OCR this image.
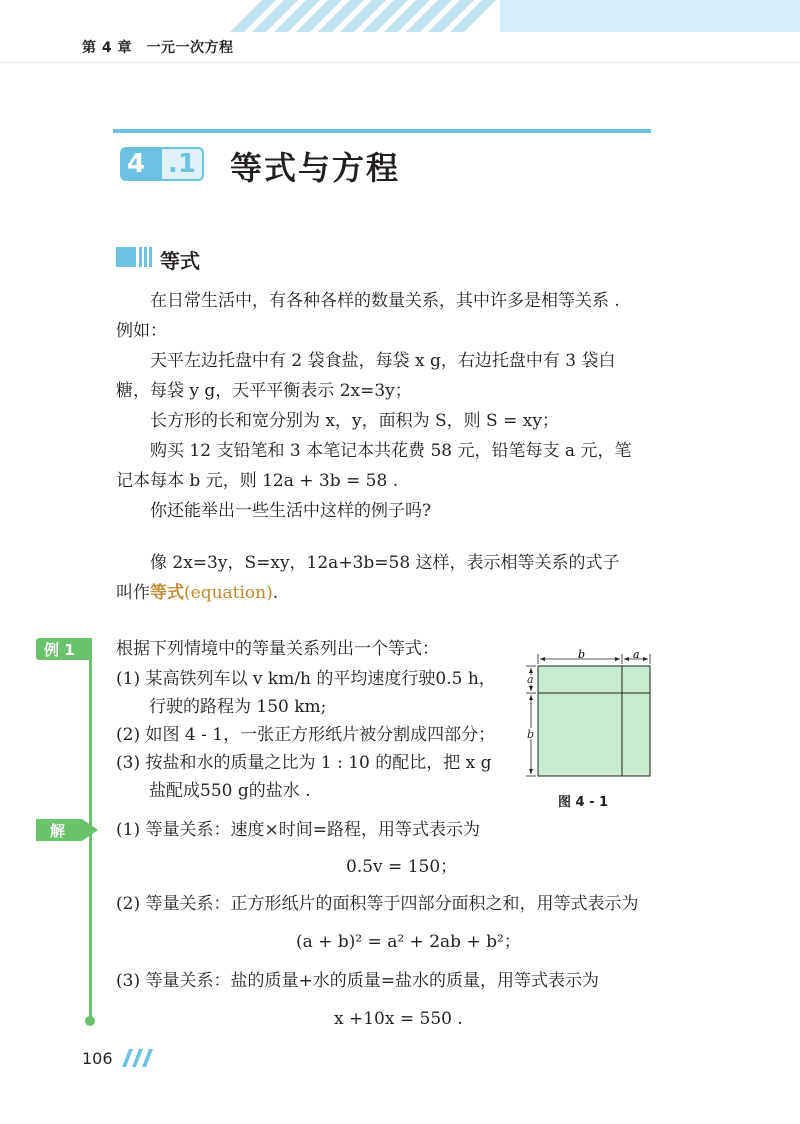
第 4 章　一元一次方程
4 .1 等式与方程
等式
在日常生活中，有各种各样的数量关系，其中许多是相等关系 .
例如：
天平左边托盘中有 2 袋食盐，每袋 x g，右边托盘中有 3 袋白
糖，每袋 y g，天平平衡表示 2x=3y；
长方形的长和宽分别为 x，y，面积为 S，则 S = xy；
购买 12 支铅笔和 3 本笔记本共花费 58 元，铅笔每支 a 元，笔
记本每本 b 元，则 12a + 3b = 58 .
你还能举出一些生活中这样的例子吗?
像 2x=3y，S=xy，12a+3b=58 这样，表示相等关系的式子
叫作等式(equation).
例 1 根据下列情境中的等量关系列出一个等式：
(1) 某高铁列车以 v km/h 的平均速度行驶0.5 h，
行驶的路程为 150 km;
(2) 如图 4 - 1，一张正方形纸片被分割成四部分；
(3) 按盐和水的质量之比为 1 : 10 的配比，把 x g
盐配成550 g的盐水 .
b	a
a
b
图 4 - 1
解	(1) 等量关系：速度×时间=路程，用等式表示为
0.5v = 150；
(2) 等量关系：正方形纸片的面积等于四部分面积之和，用等式表示为
(a + b)² = a² + 2ab + b²；
(3) 等量关系：盐的质量+水的质量=盐水的质量，用等式表示为
x +10x = 550 .
106
